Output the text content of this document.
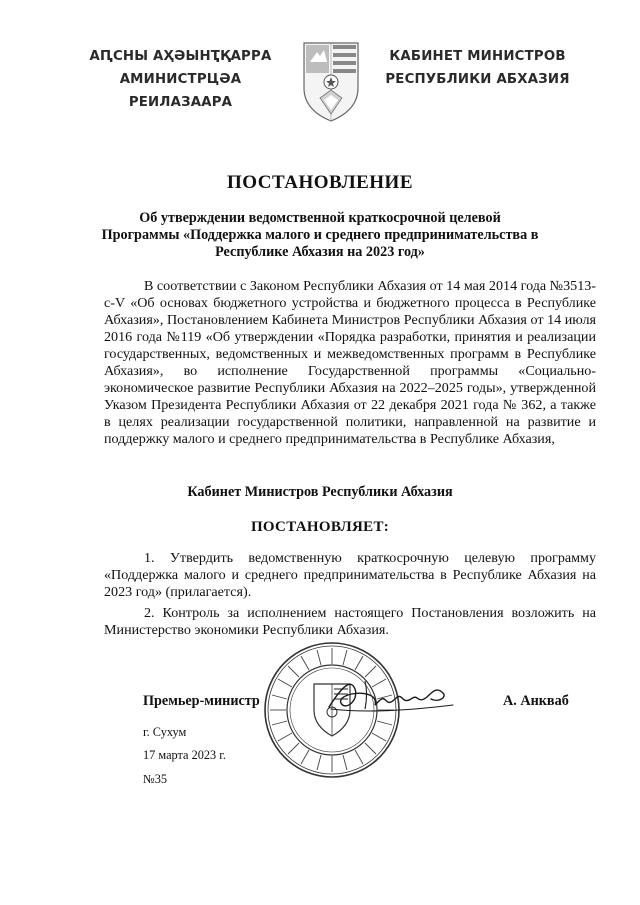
АԤСНЫ АҲӘЫНҬҚАРРА
АМИНИСТРЦӘА РЕИЛАЗААРА
КАБИНЕТ МИНИСТРОВ
РЕСПУБЛИКИ АБХАЗИЯ
ПОСТАНОВЛЕНИЕ
Об утверждении ведомственной краткосрочной целевой Программы «Поддержка малого и среднего предпринимательства в Республике Абхазия на 2023 год»

В соответствии с Законом Республики Абхазия от 14 мая 2014 года №3513-с-V «Об основах бюджетного устройства и бюджетного процесса в Республике Абхазия», Постановлением Кабинета Министров Республики Абхазия от 14 июля 2016 года №119 «Об утверждении «Порядка разработки, принятия и реализации государственных, ведомственных и межведомственных программ в Республике Абхазия», во исполнение Государственной программы «Социально-экономическое развитие Республики Абхазия на 2022–2025 годы», утвержденной Указом Президента Республики Абхазия от 22 декабря 2021 года № 362, а также в целях реализации государственной политики, направленной на развитие и поддержку малого и среднего предпринимательства в Республике Абхазия,

Кабинет Министров Республики Абхазия
ПОСТАНОВЛЯЕТ:

1. Утвердить ведомственную краткосрочную целевую программу «Поддержка малого и среднего предпринимательства в Республике Абхазия на 2023 год» (прилагается).

2. Контроль за исполнением настоящего Постановления возложить на Министерство экономики Республики Абхазия.

Премьер-министр	А. Анкваб
г. Сухум
17 марта 2023 г.
№35
